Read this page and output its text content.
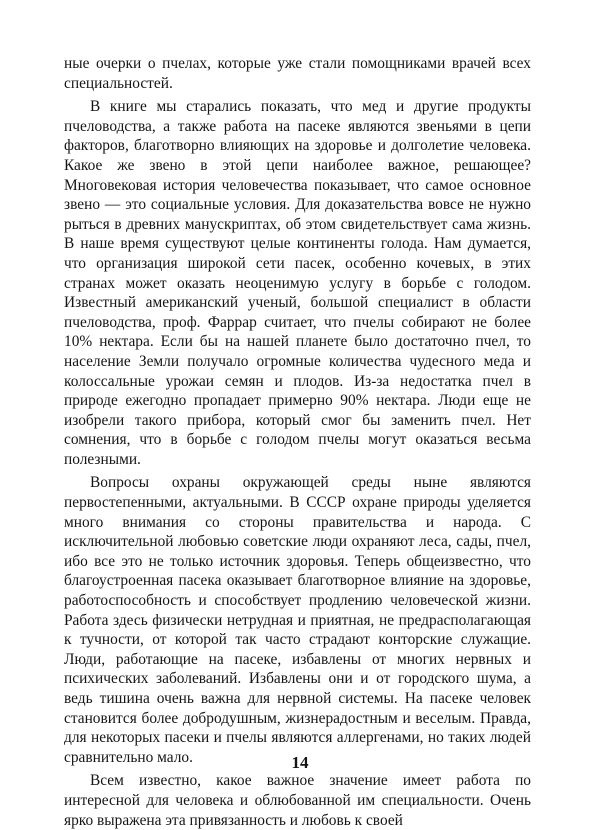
ные очерки о пчелах, которые уже стали помощниками врачей всех специальностей.

В книге мы старались показать, что мед и другие продукты пчеловодства, а также работа на пасеке являются звеньями в цепи факторов, благотворно влияющих на здоровье и долголетие человека. Какое же звено в этой цепи наиболее важное, решающее? Многовековая история человечества показывает, что самое основное звено — это социальные условия. Для доказательства вовсе не нужно рыться в древних манускриптах, об этом свидетельствует сама жизнь. В наше время существуют целые континенты голода. Нам думается, что организация широкой сети пасек, особенно кочевых, в этих странах может оказать неоценимую услугу в борьбе с голодом. Известный американский ученый, большой специалист в области пчеловодства, проф. Фаррар считает, что пчелы собирают не более 10% нектара. Если бы на нашей планете было достаточно пчел, то население Земли получало огромные количества чудесного меда и колоссальные урожаи семян и плодов. Из-за недостатка пчел в природе ежегодно пропадает примерно 90% нектара. Люди еще не изобрели такого прибора, который смог бы заменить пчел. Нет сомнения, что в борьбе с голодом пчелы могут оказаться весьма полезными.

Вопросы охраны окружающей среды ныне являются первостепенными, актуальными. В СССР охране природы уделяется много внимания со стороны правительства и народа. С исключительной любовью советские люди охраняют леса, сады, пчел, ибо все это не только источник здоровья. Теперь общеизвестно, что благоустроенная пасека оказывает благотворное влияние на здоровье, работоспособность и способствует продлению человеческой жизни. Работа здесь физически нетрудная и приятная, не предрасполагающая к тучности, от которой так часто страдают конторские служащие. Люди, работающие на пасеке, избавлены от многих нервных и психических заболеваний. Избавлены они и от городского шума, а ведь тишина очень важна для нервной системы. На пасеке человек становится более добродушным, жизнерадостным и веселым. Правда, для некоторых пасеки и пчелы являются аллергенами, но таких людей сравнительно мало.

Всем известно, какое важное значение имеет работа по интересной для человека и облюбованной им специальности. Очень ярко выражена эта привязанность и любовь к своей

14
